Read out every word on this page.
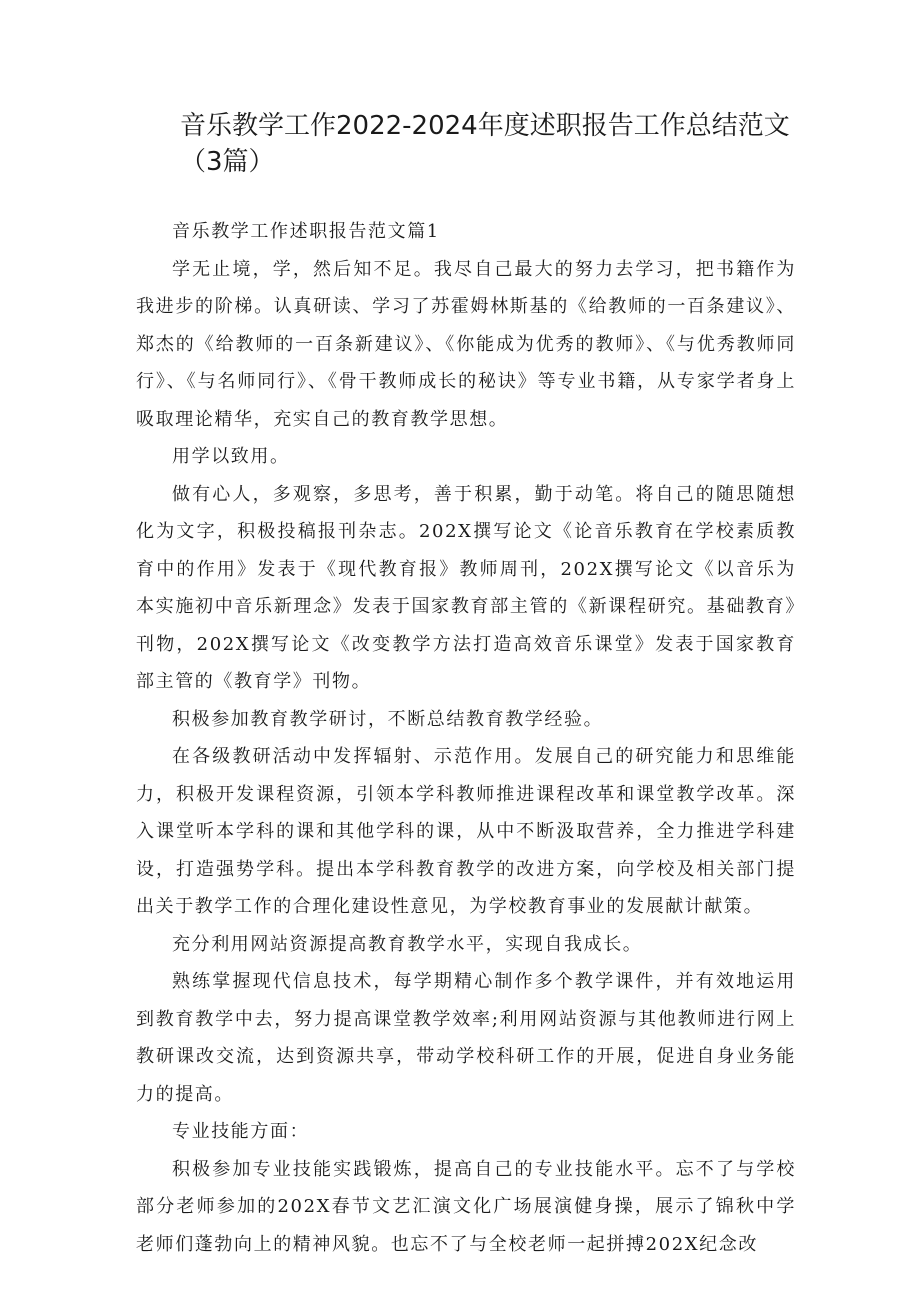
音乐教学工作2022-2024年度述职报告工作总结范文（3篇）

音乐教学工作述职报告范文篇1

学无止境，学，然后知不足。我尽自己最大的努力去学习，把书籍作为我进步的阶梯。认真研读、学习了苏霍姆林斯基的《给教师的一百条建议》、郑杰的《给教师的一百条新建议》、《你能成为优秀的教师》、《与优秀教师同行》、《与名师同行》、《骨干教师成长的秘诀》等专业书籍，从专家学者身上吸取理论精华，充实自己的教育教学思想。

用学以致用。

做有心人，多观察，多思考，善于积累，勤于动笔。将自己的随思随想化为文字，积极投稿报刊杂志。202X撰写论文《论音乐教育在学校素质教育中的作用》发表于《现代教育报》教师周刊，202X撰写论文《以音乐为本实施初中音乐新理念》发表于国家教育部主管的《新课程研究。基础教育》刊物，202X撰写论文《改变教学方法打造高效音乐课堂》发表于国家教育部主管的《教育学》刊物。

积极参加教育教学研讨，不断总结教育教学经验。

在各级教研活动中发挥辐射、示范作用。发展自己的研究能力和思维能力，积极开发课程资源，引领本学科教师推进课程改革和课堂教学改革。深入课堂听本学科的课和其他学科的课，从中不断汲取营养，全力推进学科建设，打造强势学科。提出本学科教育教学的改进方案，向学校及相关部门提出关于教学工作的合理化建设性意见，为学校教育事业的发展献计献策。

充分利用网站资源提高教育教学水平，实现自我成长。

熟练掌握现代信息技术，每学期精心制作多个教学课件，并有效地运用到教育教学中去，努力提高课堂教学效率;利用网站资源与其他教师进行网上教研课改交流，达到资源共享，带动学校科研工作的开展，促进自身业务能力的提高。

专业技能方面：

积极参加专业技能实践锻炼，提高自己的专业技能水平。忘不了与学校部分老师参加的202X春节文艺汇演文化广场展演健身操，展示了锦秋中学老师们蓬勃向上的精神风貌。也忘不了与全校老师一起拼搏202X纪念改
